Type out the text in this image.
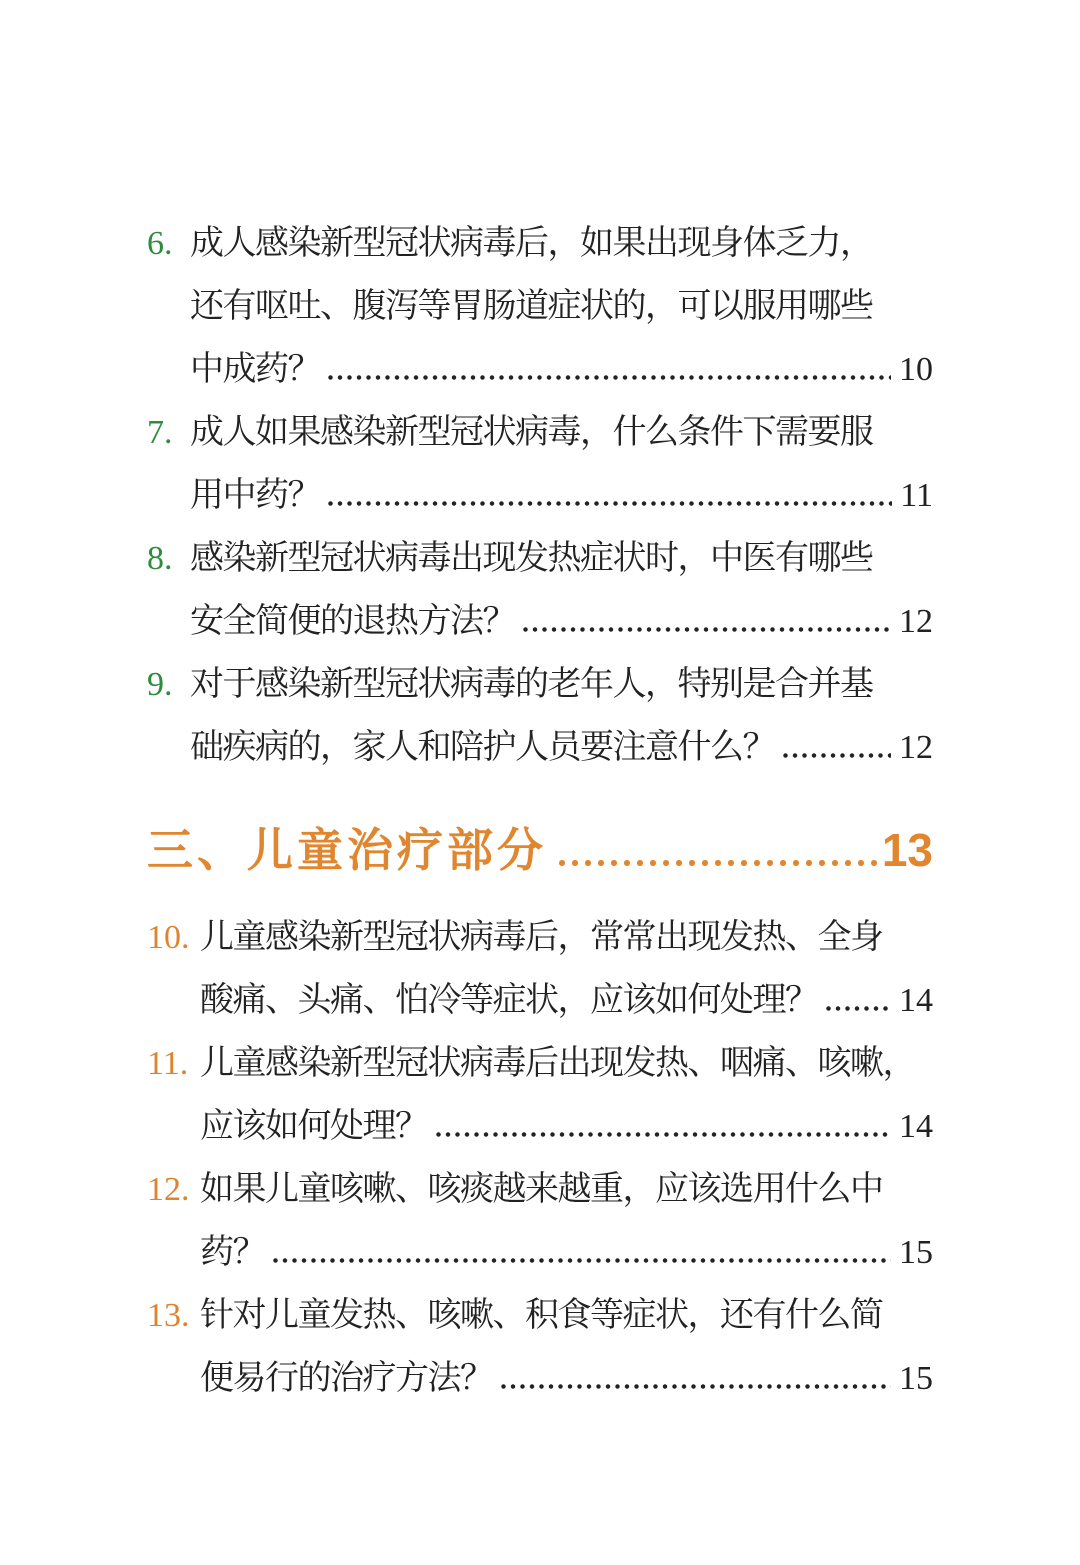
6. 成人感染新型冠状病毒后，如果出现身体乏力，
还有呕吐、腹泻等胃肠道症状的，可以服用哪些
中成药？	10
7. 成人如果感染新型冠状病毒，什么条件下需要服
用中药？	11
8. 感染新型冠状病毒出现发热症状时，中医有哪些
安全简便的退热方法？	12
9. 对于感染新型冠状病毒的老年人，特别是合并基
础疾病的，家人和陪护人员要注意什么？	12
三、儿童治疗部分	13
10. 儿童感染新型冠状病毒后，常常出现发热、全身
酸痛、头痛、怕冷等症状，应该如何处理？ 14
11. 儿童感染新型冠状病毒后出现发热、咽痛、咳嗽，
应该如何处理？	14
12. 如果儿童咳嗽、咳痰越来越重，应该选用什么中
药？	15
13. 针对儿童发热、咳嗽、积食等症状，还有什么简
便易行的治疗方法？	15
